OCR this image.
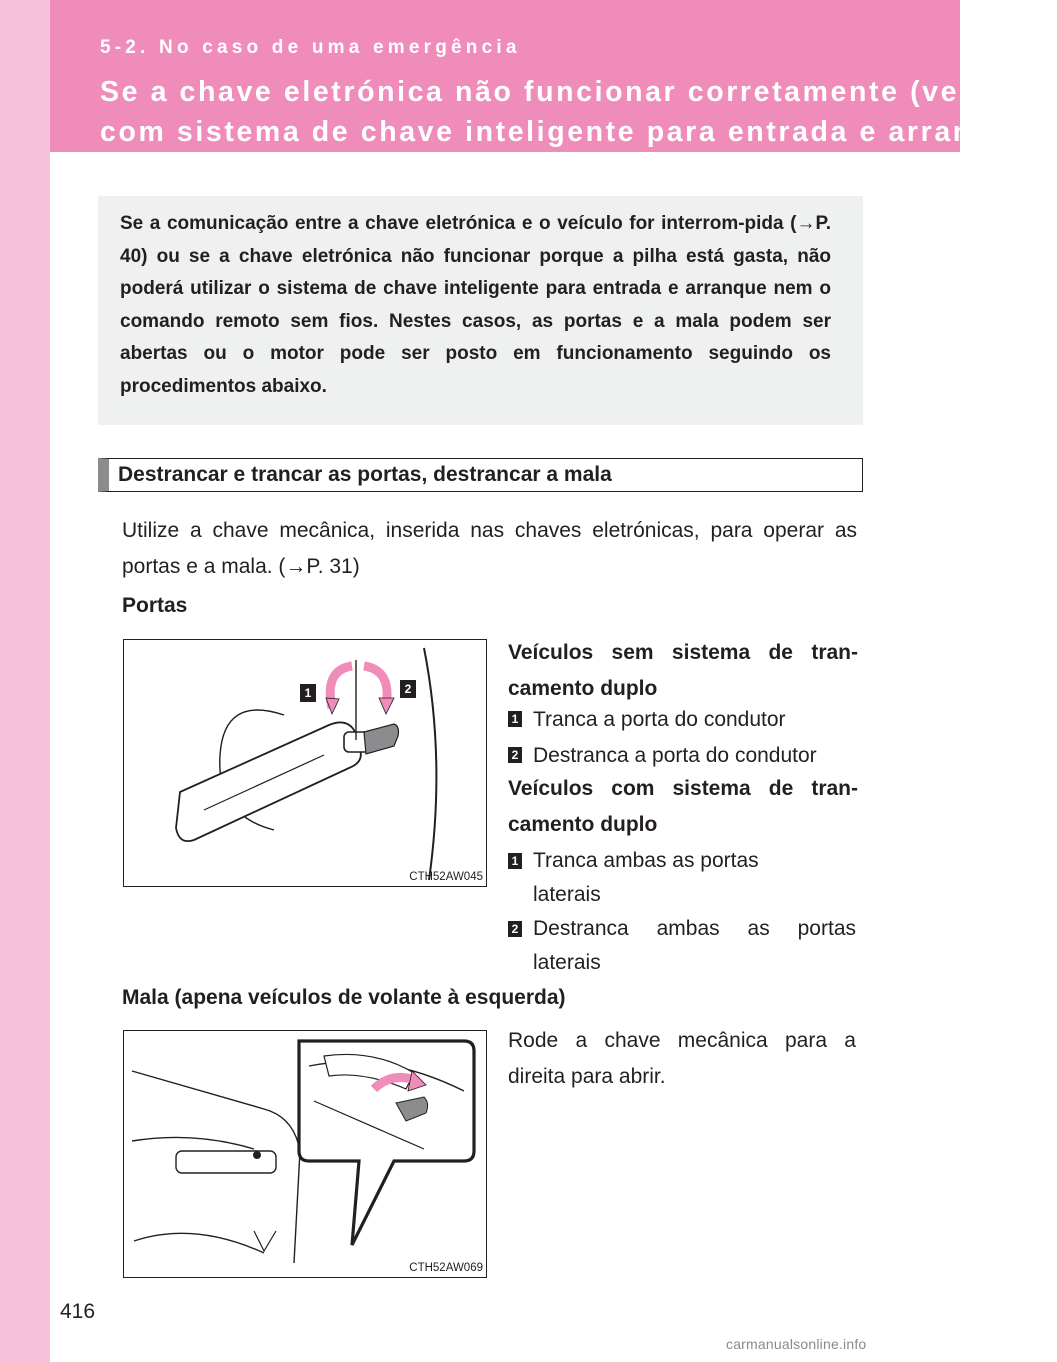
5-2. No caso de uma emergência

Se a chave eletrónica não funcionar corretamente (veículos
com sistema de chave inteligente para entrada e arranque)

Se a comunicação entre a chave eletrónica e o veículo for interrom-pida (→P. 40) ou se a chave eletrónica não funcionar porque a pilha está gasta, não poderá utilizar o sistema de chave inteligente para entrada e arranque nem o comando remoto sem fios. Nestes casos, as portas e a mala podem ser abertas ou o motor pode ser posto em funcionamento seguindo os procedimentos abaixo.

Destrancar e trancar as portas, destrancar a mala

Utilize a chave mecânica, inserida nas chaves eletrónicas, para operar as portas e a mala. (→P. 31)

Portas

1	2
CTH52AW045

Veículos sem sistema de tran-
camento duplo

1 Tranca a porta do condutor

2 Destranca a porta do condutor

Veículos com sistema de tran-
camento duplo

1 Tranca ambas as portas
laterais

2 Destranca ambas as portas
laterais

Mala (apena veículos de volante à esquerda)

CTH52AW069

Rode a chave mecânica para a
direita para abrir.

416
carmanualsonline.info
